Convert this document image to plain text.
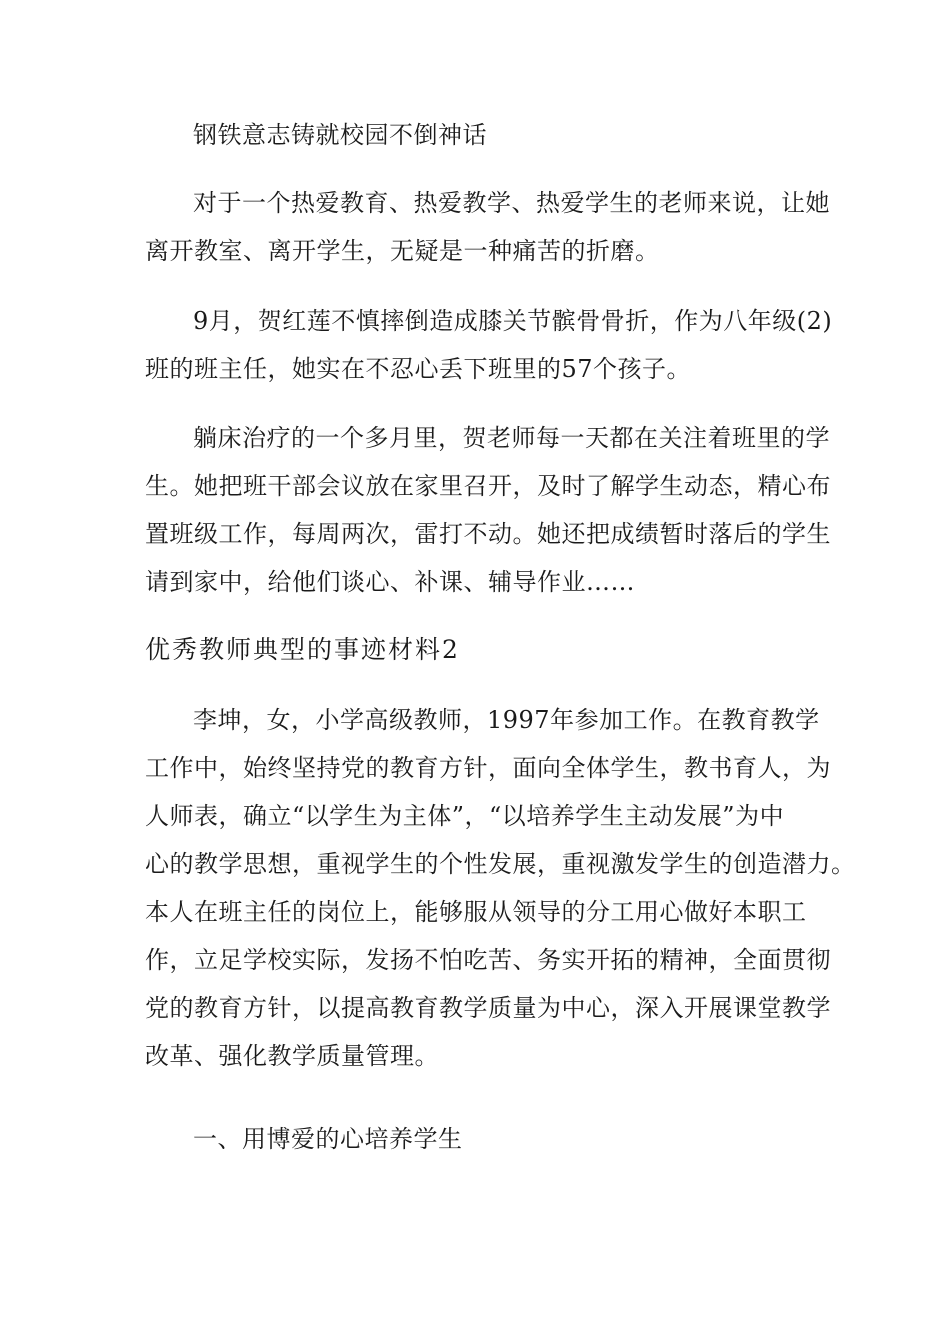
钢铁意志铸就校园不倒神话
对于一个热爱教育、热爱教学、热爱学生的老师来说，让她
离开教室、离开学生，无疑是一种痛苦的折磨。
9月，贺红莲不慎摔倒造成膝关节髌骨骨折，作为八年级(2)
班的班主任，她实在不忍心丢下班里的57个孩子。
躺床治疗的一个多月里，贺老师每一天都在关注着班里的学
生。她把班干部会议放在家里召开，及时了解学生动态，精心布
置班级工作，每周两次，雷打不动。她还把成绩暂时落后的学生
请到家中，给他们谈心、补课、辅导作业……
优秀教师典型的事迹材料2
李坤，女，小学高级教师，1997年参加工作。在教育教学
工作中，始终坚持党的教育方针，面向全体学生，教书育人，为
人师表，确立“以学生为主体”，“以培养学生主动发展”为中
心的教学思想，重视学生的个性发展，重视激发学生的创造潜力。
本人在班主任的岗位上，能够服从领导的分工用心做好本职工
作，立足学校实际，发扬不怕吃苦、务实开拓的精神，全面贯彻
党的教育方针，以提高教育教学质量为中心，深入开展课堂教学
改革、强化教学质量管理。
一、用博爱的心培养学生
